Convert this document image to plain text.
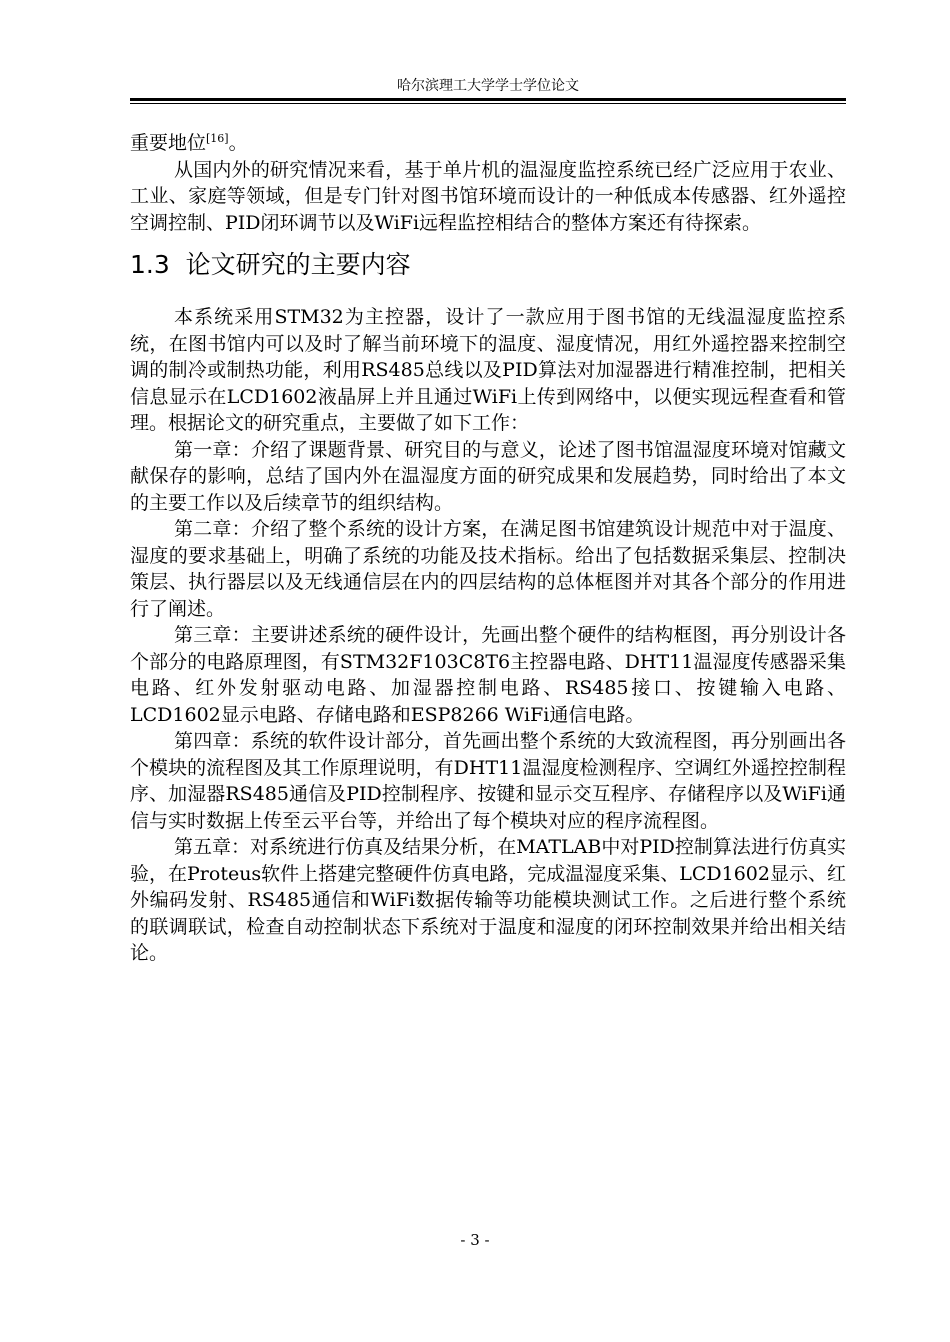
哈尔滨理工大学学士学位论文

重要地位[16]。

从国内外的研究情况来看，基于单片机的温湿度监控系统已经广泛应用于农业、工业、家庭等领域，但是专门针对图书馆环境而设计的一种低成本传感器、红外遥控空调控制、PID闭环调节以及WiFi远程监控相结合的整体方案还有待探索。

1.3 论文研究的主要内容

本系统采用STM32为主控器，设计了一款应用于图书馆的无线温湿度监控系统，在图书馆内可以及时了解当前环境下的温度、湿度情况，用红外遥控器来控制空调的制冷或制热功能，利用RS485总线以及PID算法对加湿器进行精准控制，把相关信息显示在LCD1602液晶屏上并且通过WiFi上传到网络中，以便实现远程查看和管理。根据论文的研究重点，主要做了如下工作：

第一章：介绍了课题背景、研究目的与意义，论述了图书馆温湿度环境对馆藏文献保存的影响，总结了国内外在温湿度方面的研究成果和发展趋势，同时给出了本文的主要工作以及后续章节的组织结构。

第二章：介绍了整个系统的设计方案，在满足图书馆建筑设计规范中对于温度、湿度的要求基础上，明确了系统的功能及技术指标。给出了包括数据采集层、控制决策层、执行器层以及无线通信层在内的四层结构的总体框图并对其各个部分的作用进行了阐述。

第三章：主要讲述系统的硬件设计，先画出整个硬件的结构框图，再分别设计各个部分的电路原理图，有STM32F103C8T6主控器电路、DHT11温湿度传感器采集电路、红外发射驱动电路、加湿器控制电路、RS485接口、按键输入电路、LCD1602显示电路、存储电路和ESP8266 WiFi通信电路。

第四章：系统的软件设计部分，首先画出整个系统的大致流程图，再分别画出各个模块的流程图及其工作原理说明，有DHT11温湿度检测程序、空调红外遥控控制程序、加湿器RS485通信及PID控制程序、按键和显示交互程序、存储程序以及WiFi通信与实时数据上传至云平台等，并给出了每个模块对应的程序流程图。

第五章：对系统进行仿真及结果分析，在MATLAB中对PID控制算法进行仿真实验，在Proteus软件上搭建完整硬件仿真电路，完成温湿度采集、LCD1602显示、红外编码发射、RS485通信和WiFi数据传输等功能模块测试工作。之后进行整个系统的联调联试，检查自动控制状态下系统对于温度和湿度的闭环控制效果并给出相关结论。

- 3 -
